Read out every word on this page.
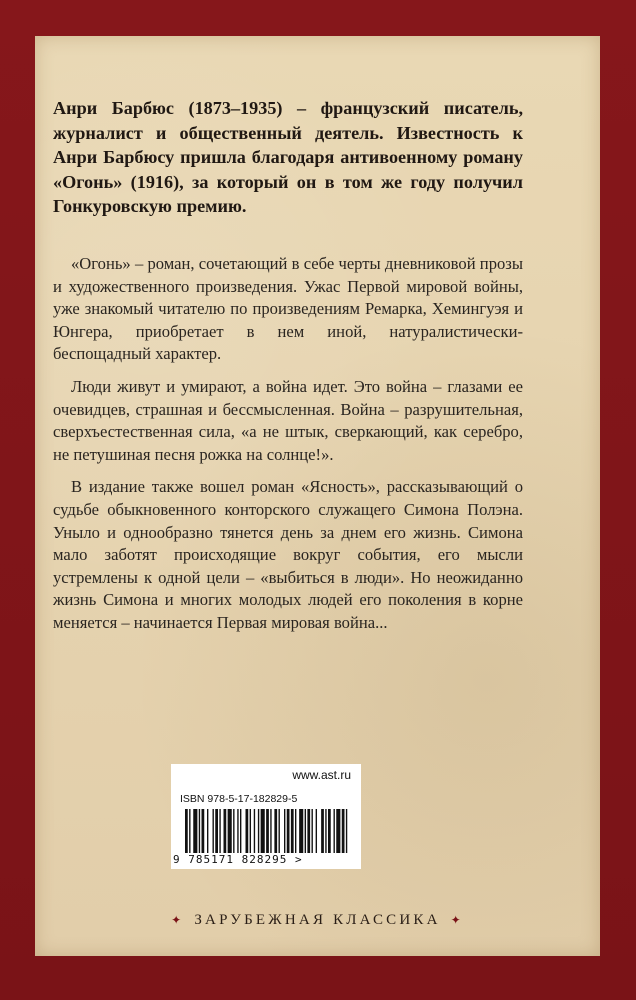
Анри Барбюс (1873–1935) – французский писатель, журналист и общественный деятель. Известность к Анри Барбюсу пришла благодаря антивоенному роману «Огонь» (1916), за который он в том же году получил Гонкуровскую премию.

«Огонь» – роман, сочетающий в себе черты дневниковой прозы и художественного произведения. Ужас Первой мировой войны, уже знакомый читателю по произведениям Ремарка, Хемингуэя и Юнгера, приобретает в нем иной, натуралистически-беспощадный характер.

Люди живут и умирают, а война идет. Это война – глазами ее очевидцев, страшная и бессмысленная. Война – разрушительная, сверхъестественная сила, «а не штык, сверкающий, как серебро, не петушиная песня рожка на солнце!».

В издание также вошел роман «Ясность», рассказывающий о судьбе обыкновенного конторского служащего Симона Полэна. Уныло и однообразно тянется день за днем его жизнь. Симона мало заботят происходящие вокруг события, его мысли устремлены к одной цели – «выбиться в люди». Но неожиданно жизнь Симона и многих молодых людей его поколения в корне меняется – начинается Первая мировая война...

www.ast.ru
ISBN 978-5-17-182829-5
9 785171 828295 >
✦ ЗАРУБЕЖНАЯ КЛАССИКА ✦
